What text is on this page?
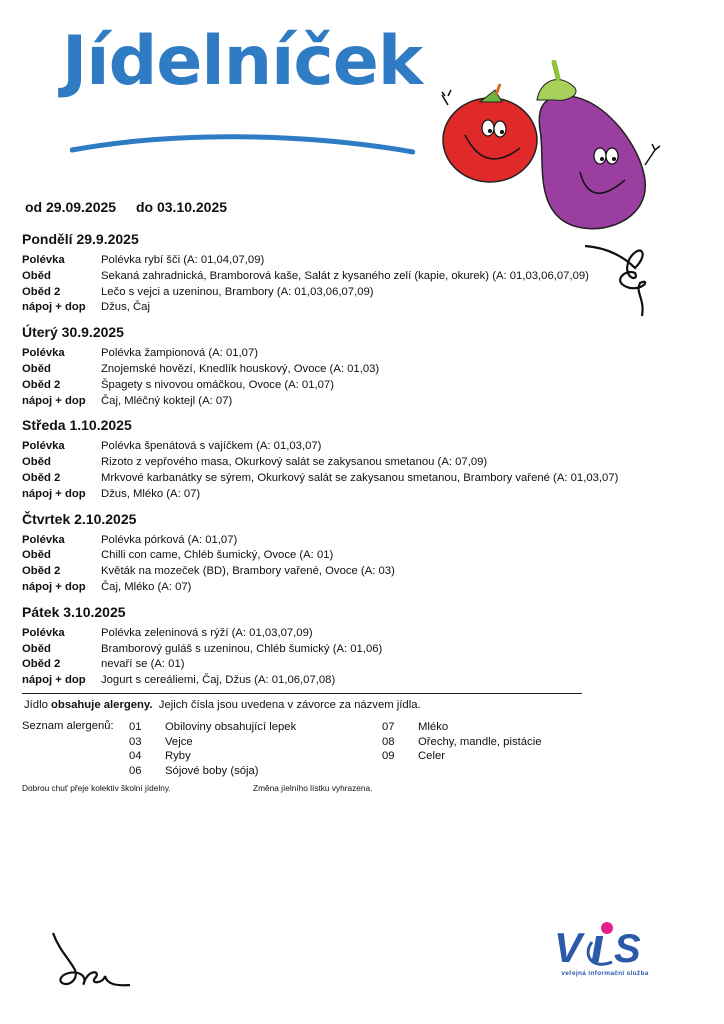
Jídelníček
od 29.09.2025 do 03.10.2025
Pondělí 29.9.2025
Polévka	Polévka rybí šči (A: 01,04,07,09)
Oběd	Sekaná zahradnická, Bramborová kaše, Salát z kysaného zelí (kapie, okurek) (A: 01,03,06,07,09)
Oběd 2	Lečo s vejci a uzeninou, Brambory (A: 01,03,06,07,09)
nápoj + dop	Džus, Čaj
Úterý 30.9.2025
Polévka	Polévka žampionová (A: 01,07)
Oběd	Znojemské hovězí, Knedlík houskový, Ovoce (A: 01,03)
Oběd 2	Špagety s nivovou omáčkou, Ovoce (A: 01,07)
nápoj + dop	Čaj, Mléčný koktejl (A: 07)
Středa 1.10.2025
Polévka	Polévka špenátová s vajíčkem (A: 01,03,07)
Oběd	Rizoto z vepřového masa, Okurkový salát se zakysanou smetanou (A: 07,09)
Oběd 2	Mrkvové karbanátky se sýrem, Okurkový salát se zakysanou smetanou, Brambory vařené (A: 01,03,07)
nápoj + dop	Džus, Mléko (A: 07)
Čtvrtek 2.10.2025
Polévka	Polévka pórková (A: 01,07)
Oběd	Chilli con came, Chléb šumický, Ovoce (A: 01)
Oběd 2	Květák na mozeček (BD), Brambory vařené, Ovoce (A: 03)
nápoj + dop	Čaj, Mléko (A: 07)
Pátek 3.10.2025
Polévka	Polévka zeleninová s rýží (A: 01,03,07,09)
Oběd	Bramborový guláš s uzeninou, Chléb šumický (A: 01,06)
Oběd 2	nevaří se (A: 01)
nápoj + dop	Jogurt s cereáliemi, Čaj, Džus (A: 01,06,07,08)
Jídlo obsahuje alergeny.  Jejich čísla jsou uvedena v závorce za názvem jídla.
Seznam alergenů: 01	Obiloviny obsahující lepek
03	Vejce
04	Ryby
06	Sójové boby (sója)
07	Mléko
08	Ořechy, mandle, pistácie
09	Celer
Dobrou chuť přeje kolektiv školní jídelny.	Změna jíelního lístku vyhrazena.
V S
veřejná informační služba
